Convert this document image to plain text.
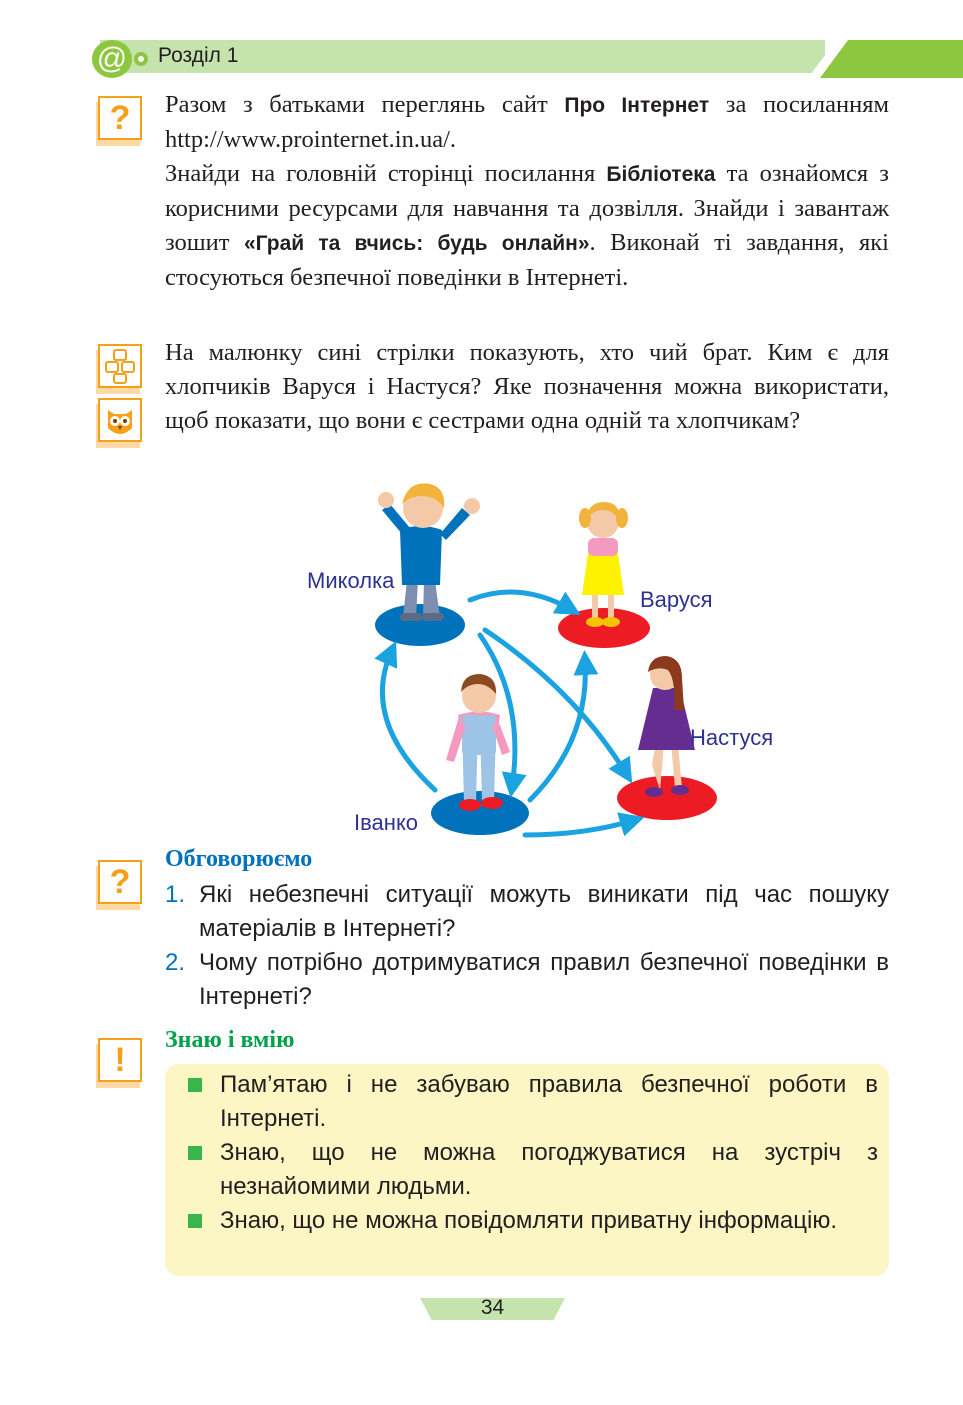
@ Розділ 1
?	Разом з батьками переглянь сайт Про Інтернет за посиланням http://www.prointernet.in.ua/.

Знайди на головній сторінці посилання Бібліотека та ознайомся з корисними ресурсами для навчання та дозвілля. Знайди і завантаж зошит «Грай та вчись: будь онлайн». Виконай ті завдання, які стосуються безпечної поведінки в Інтернеті.

На малюнку сині стрілки показують, хто чий брат. Ким є для хлопчиків Варуся і Настуся? Яке позначення можна використати, щоб показати, що вони є сестрами одна одній та хлопчикам?
Миколка
Варуся
Настуся
Іванко
?
Обговорюємо
1. Які небезпечні ситуації можуть виникати під час пошуку матеріалів в Інтернеті?
2. Чому потрібно дотримуватися правил безпечної поведінки в Інтернеті?
!
Знаю і вмію
Пам’ятаю і не забуваю правила безпечної роботи в Інтернеті.
Знаю, що не можна погоджуватися на зустріч з незнайомими людьми.
Знаю, що не можна повідомляти приватну інформацію.
34
